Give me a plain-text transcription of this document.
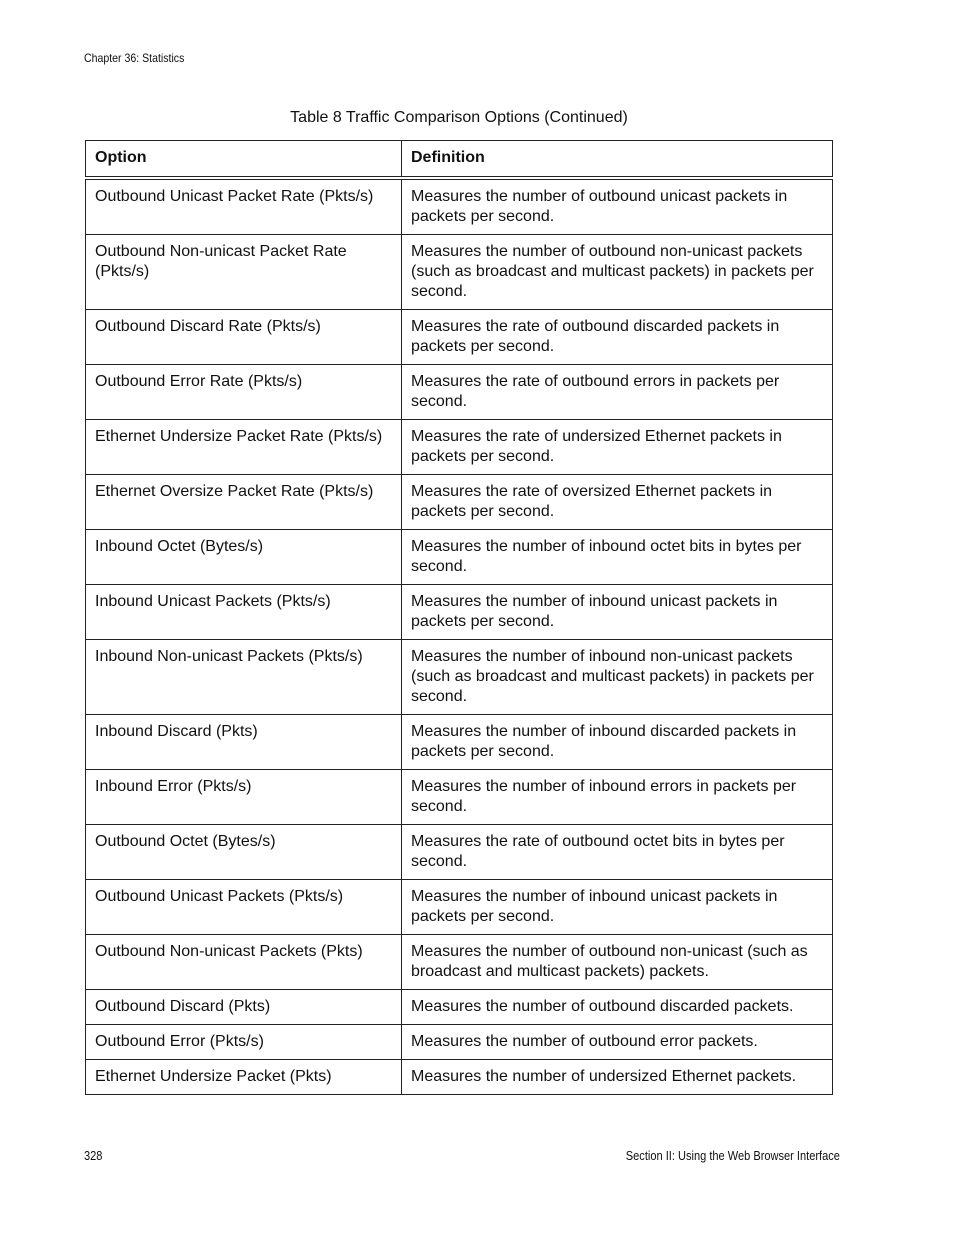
Chapter 36: Statistics
Table 8 Traffic Comparison Options (Continued)
Option	Definition
Outbound Unicast Packet Rate (Pkts/s)	Measures the number of outbound unicast packets in packets per second.
Outbound Non-unicast Packet Rate (Pkts/s)	Measures the number of outbound non-unicast packets (such as broadcast and multicast packets) in packets per second.
Outbound Discard Rate (Pkts/s)	Measures the rate of outbound discarded packets in packets per second.
Outbound Error Rate (Pkts/s)	Measures the rate of outbound errors in packets per second.
Ethernet Undersize Packet Rate (Pkts/s)	Measures the rate of undersized Ethernet packets in packets per second.
Ethernet Oversize Packet Rate (Pkts/s)	Measures the rate of oversized Ethernet packets in packets per second.
Inbound Octet (Bytes/s)	Measures the number of inbound octet bits in bytes per second.
Inbound Unicast Packets (Pkts/s)	Measures the number of inbound unicast packets in packets per second.
Inbound Non-unicast Packets (Pkts/s)	Measures the number of inbound non-unicast packets (such as broadcast and multicast packets) in packets per second.
Inbound Discard (Pkts)	Measures the number of inbound discarded packets in packets per second.
Inbound Error (Pkts/s)	Measures the number of inbound errors in packets per second.
Outbound Octet (Bytes/s)	Measures the rate of outbound octet bits in bytes per second.
Outbound Unicast Packets (Pkts/s)	Measures the number of inbound unicast packets in packets per second.
Outbound Non-unicast Packets (Pkts)	Measures the number of outbound non-unicast (such as broadcast and multicast packets) packets.
Outbound Discard (Pkts)	Measures the number of outbound discarded packets.
Outbound Error (Pkts/s)	Measures the number of outbound error packets.
Ethernet Undersize Packet (Pkts)	Measures the number of undersized Ethernet packets.
328	Section II: Using the Web Browser Interface
